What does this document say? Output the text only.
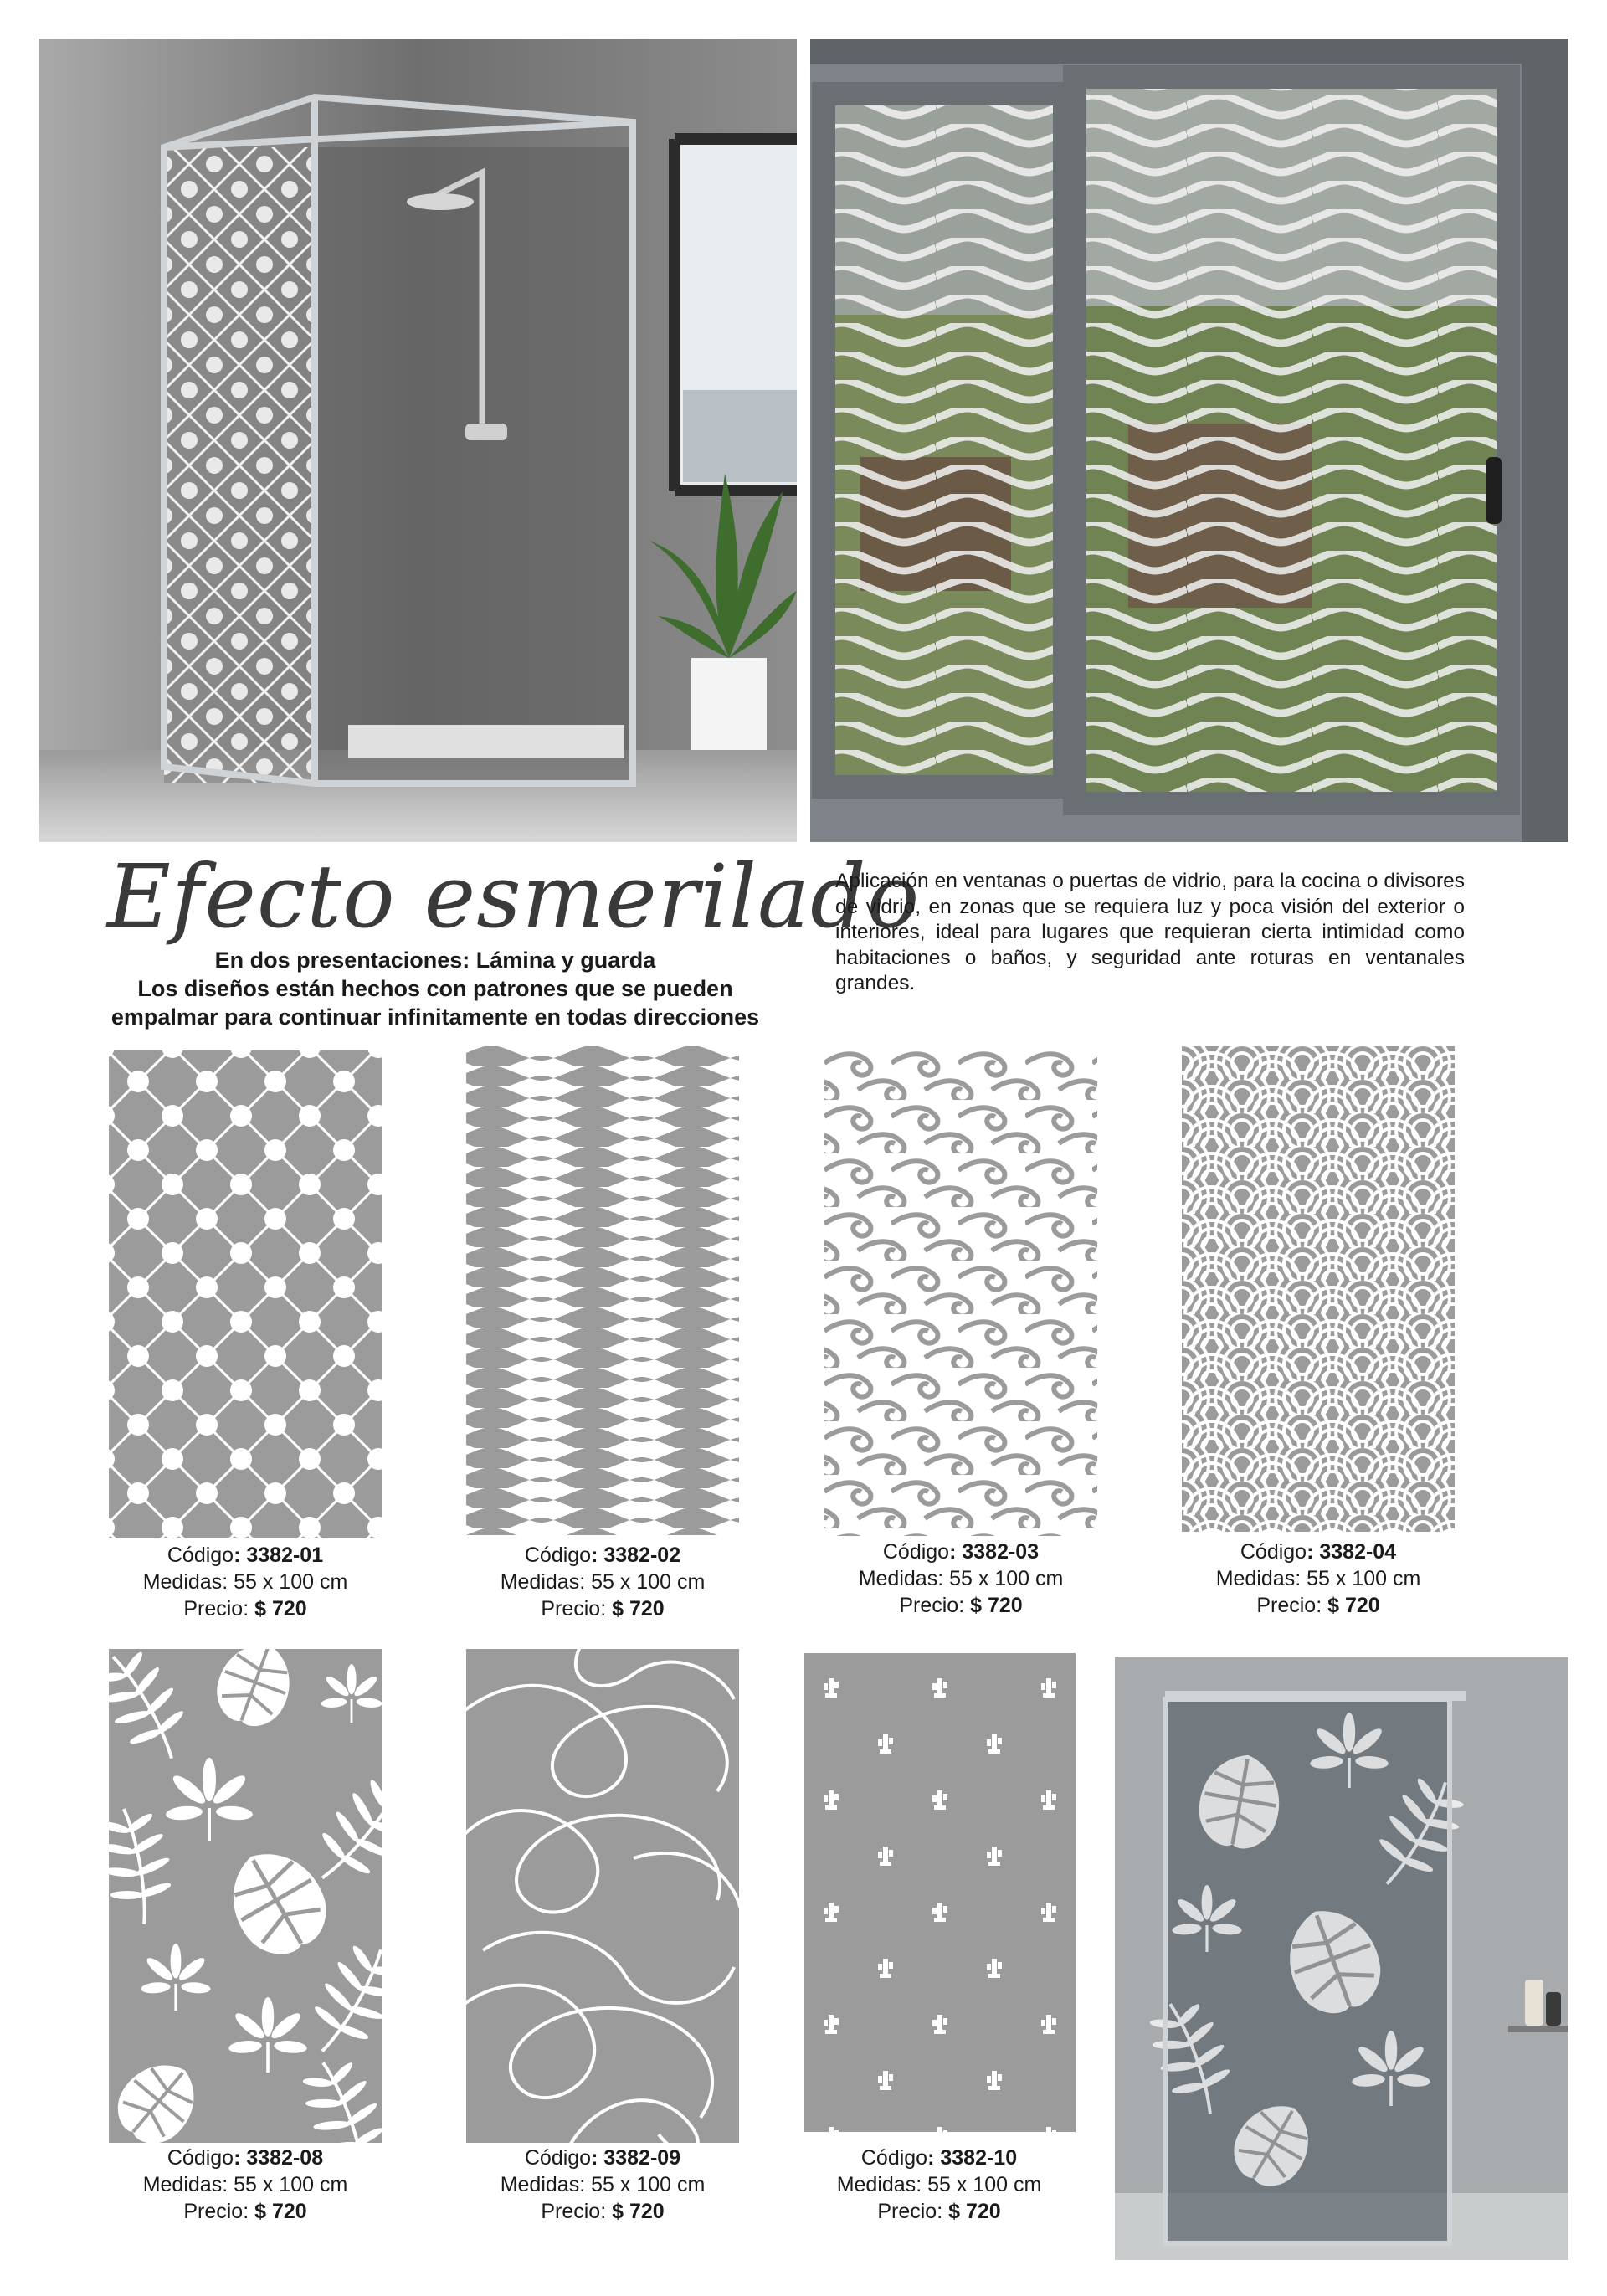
Efecto esmerilado
En dos presentaciones: Lámina y guarda
Los diseños están hechos con patrones que se pueden
empalmar para continuar infinitamente en todas direcciones
Aplicación en ventanas o puertas de vidrio, para la cocina o divisores de vidrio, en zonas que se requiera luz y poca visión del exterior o interiores, ideal para lugares que requieran cierta intimidad como habitaciones o baños, y seguridad ante roturas en ventanales grandes.
Código: 3382-01
Medidas: 55 x 100 cm
Precio: $ 720
Código: 3382-02
Medidas: 55 x 100 cm
Precio: $ 720
Código: 3382-03
Medidas: 55 x 100 cm
Precio: $ 720
Código: 3382-04
Medidas: 55 x 100 cm
Precio: $ 720
Código: 3382-08
Medidas: 55 x 100 cm
Precio: $ 720
Código: 3382-09
Medidas: 55 x 100 cm
Precio: $ 720
Código: 3382-10
Medidas: 55 x 100 cm
Precio: $ 720
